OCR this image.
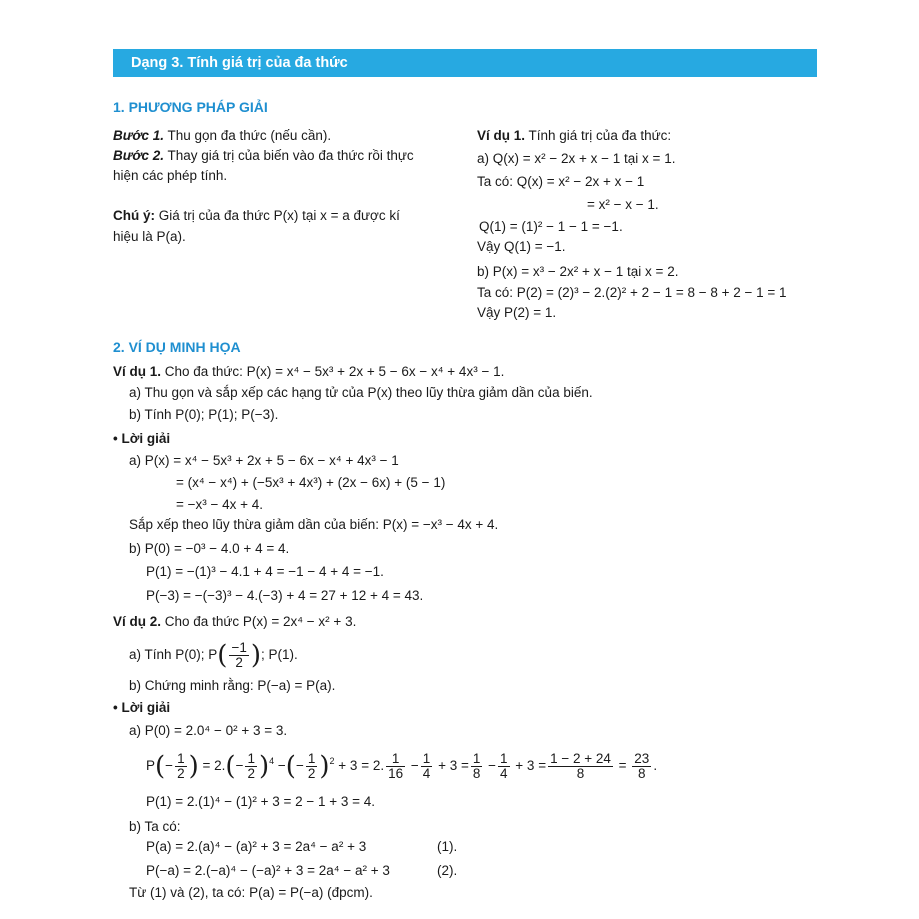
Dạng 3. Tính giá trị của đa thức
1. PHƯƠNG PHÁP GIẢI
Bước 1. Thu gọn đa thức (nếu cần).
Bước 2. Thay giá trị của biến vào đa thức rồi thực
hiện các phép tính.
Chú ý: Giá trị của đa thức P(x) tại x = a được kí
hiệu là P(a).
Ví dụ 1. Tính giá trị của đa thức:
a) Q(x) = x² − 2x + x − 1 tại x = 1.
Ta có: Q(x) = x² − 2x + x − 1
= x² − x − 1.
Q(1) = (1)² − 1 − 1 = −1.
Vậy Q(1) = −1.
b) P(x) = x³ − 2x² + x − 1 tại x = 2.
Ta có: P(2) = (2)³ − 2.(2)² + 2 − 1 = 8 − 8 + 2 − 1 = 1
Vậy P(2) = 1.
2. VÍ DỤ MINH HỌA
Ví dụ 1. Cho đa thức: P(x) = x⁴ − 5x³ + 2x + 5 − 6x − x⁴ + 4x³ − 1.
a) Thu gọn và sắp xếp các hạng tử của P(x) theo lũy thừa giảm dần của biến.
b) Tính P(0); P(1); P(−3).
• Lời giải
a) P(x) = x⁴ − 5x³ + 2x + 5 − 6x − x⁴ + 4x³ − 1
= (x⁴ − x⁴) + (−5x³ + 4x³) + (2x − 6x) + (5 − 1)
= −x³ − 4x + 4.
Sắp xếp theo lũy thừa giảm dần của biến: P(x) = −x³ − 4x + 4.
b) P(0) = −0³ − 4.0 + 4 = 4.
P(1) = −(1)³ − 4.1 + 4 = −1 − 4 + 4 = −1.
P(−3) = −(−3)³ − 4.(−3) + 4 = 27 + 12 + 4 = 43.
Ví dụ 2. Cho đa thức P(x) = 2x⁴ − x² + 3.
a) Tính P(0); $P( \frac{-1}{2}$ ); P(1).
b) Chứng minh rằng: P(−a) = P(a).
• Lời giải
a) P(0) = 2.0⁴ − 0² + 3 = 3.
$P(- \frac{1}{2}$ ) = $2.(- \frac{1}{2} )^4$ −(− $\frac{1}{2} )^2 + 3 = 2$. $\frac{1}{16} - \frac{1}{4} + 3 = \frac{1}{8} - \frac{1}{4} + 3 = \frac{1 - 2 + 24}{8} = \frac{23}{8}$ .
P(1) = 2.(1)⁴ − (1)² + 3 = 2 − 1 + 3 = 4.
b) Ta có:
P(a) = 2.(a)⁴ − (a)² + 3 = 2a⁴ − a² + 3	(1).
P(−a) = 2.(−a)⁴ − (−a)² + 3 = 2a⁴ − a² + 3	(2).
Từ (1) và (2), ta có: P(a) = P(−a) (đpcm).
